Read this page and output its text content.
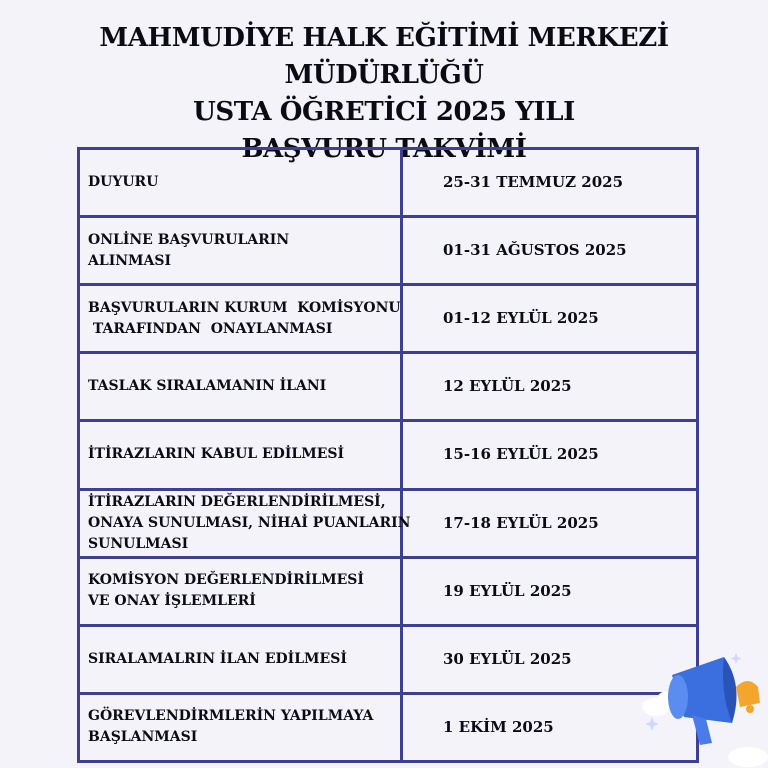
MAHMUDİYE HALK EĞİTİMİ MERKEZİ MÜDÜRLÜĞÜ
USTA ÖĞRETİCİ 2025 YILI
BAŞVURU TAKVİMİ
DUYURU	25-31 TEMMUZ 2025

ONLİNE BAŞVURULARIN
ALINMASI	01-31 AĞUSTOS 2025

BAŞVURULARIN KURUM  KOMİSYONU
TARAFINDAN  ONAYLANMASI	01-12 EYLÜL 2025

TASLAK SIRALAMANIN İLANI	12 EYLÜL 2025

İTİRAZLARIN KABUL EDİLMESİ	15-16 EYLÜL 2025

İTİRAZLARIN DEĞERLENDİRİLMESİ,
ONAYA SUNULMASI, NİHAİ PUANLARIN
SUNULMASI	17-18 EYLÜL 2025

KOMİSYON DEĞERLENDİRİLMESİ
VE ONAY İŞLEMLERİ	19 EYLÜL 2025

SIRALAMALRIN İLAN EDİLMESİ	30 EYLÜL 2025

GÖREVLENDİRMLERİN YAPILMAYA
BAŞLANMASI	1 EKİM 2025
